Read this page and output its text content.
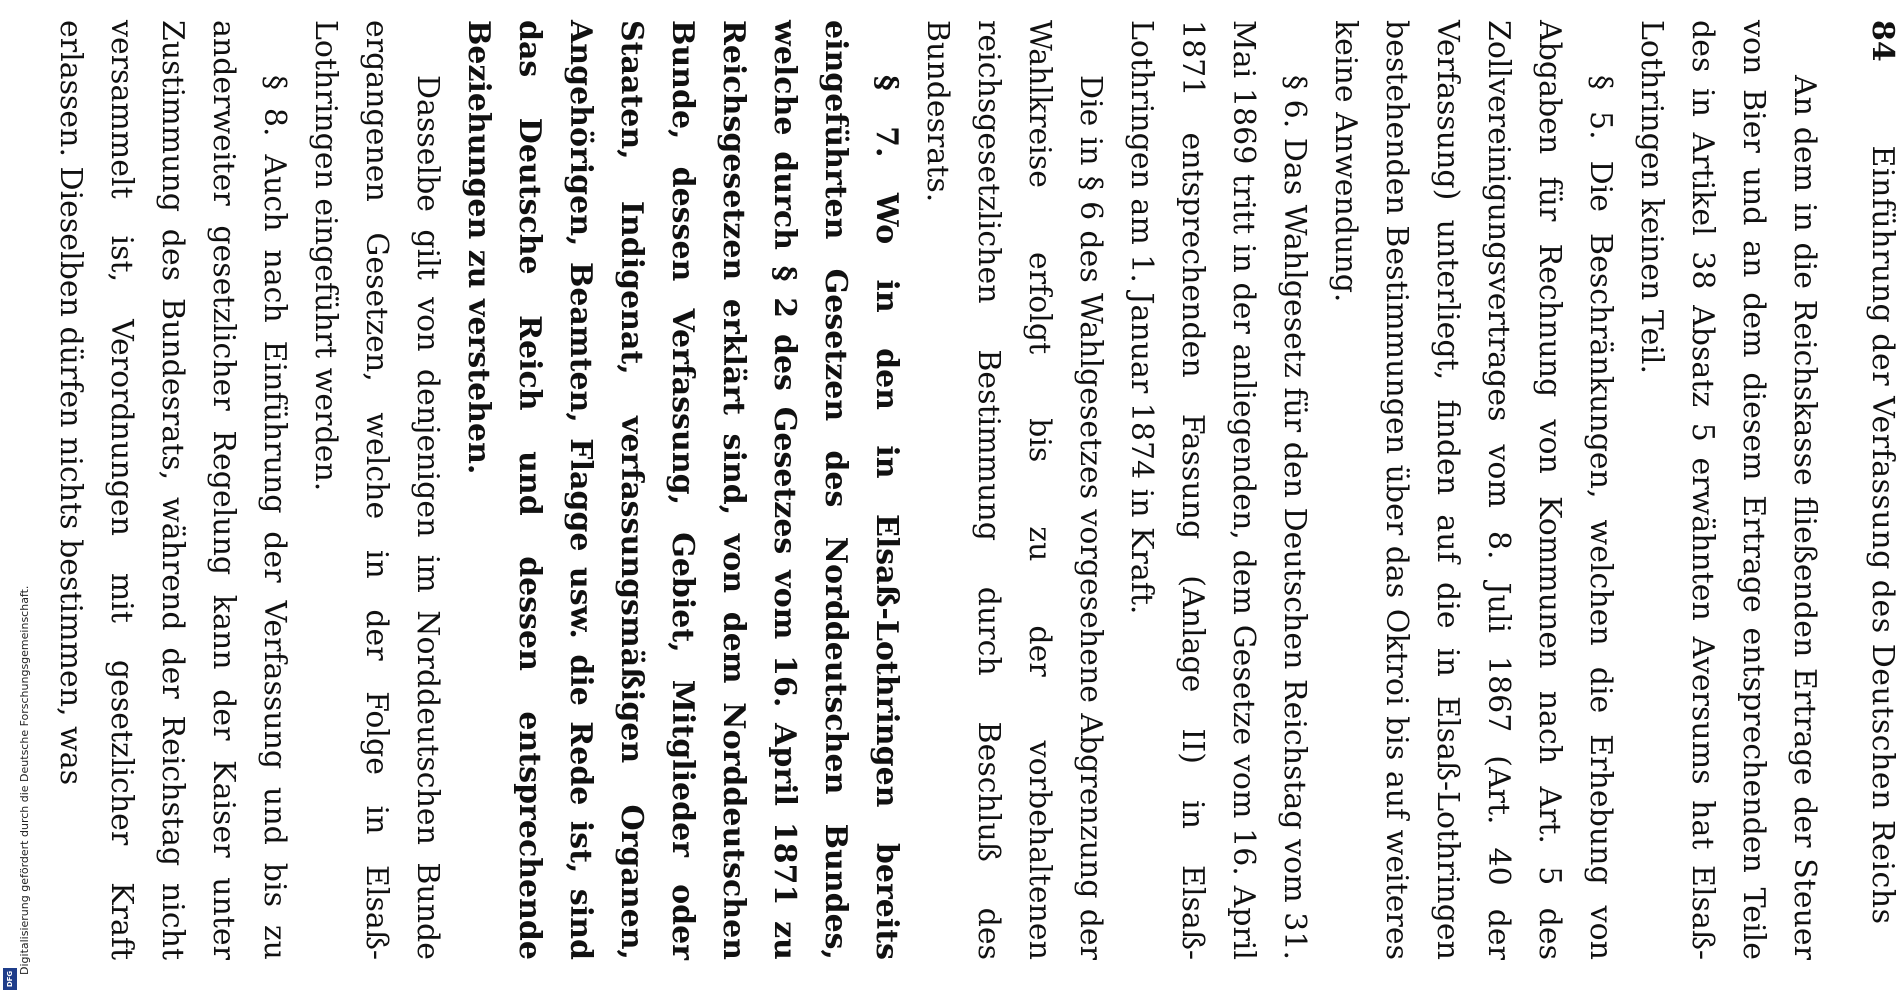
Digitalisierung gefördert durch die Deutsche Forschungsgemeinschaft.
DFG
84
Einführung der Verfassung des Deutschen Reichs

An dem in die Reichskasse fließenden Ertrage der Steuer von Bier und an dem diesem Ertrage entsprechenden Teile des in Artikel 38 Absatz 5 erwähnten Aversums hat Elsaß-Lothringen keinen Teil.

§ 5. Die Beschränkungen, welchen die Erhebung von Abgaben für Rechnung von Kommunen nach Art. 5 des Zollvereinigungsvertrages vom 8. Juli 1867 (Art. 40 der Verfassung) unterliegt, finden auf die in Elsaß-Lothringen bestehenden Bestimmungen über das Oktroi bis auf weiteres keine Anwendung.

§ 6. Das Wahlgesetz für den Deutschen Reichstag vom 31. Mai 1869 tritt in der anliegenden, dem Gesetze vom 16. April 1871 entsprechenden Fassung (Anlage II) in Elsaß-Lothringen am 1. Januar 1874 in Kraft.

Die in § 6 des Wahlgesetzes vorgesehene Abgrenzung der Wahlkreise erfolgt bis zu der vorbehaltenen reichsgesetzlichen Bestimmung durch Beschluß des Bundesrats.

§ 7. Wo in den in Elsaß-Lothringen bereits eingeführten Gesetzen des Norddeutschen Bundes, welche durch § 2 des Gesetzes vom 16. April 1871 zu Reichsgesetzen erklärt sind, von dem Norddeutschen Bunde, dessen Verfassung, Gebiet, Mitglieder oder Staaten, Indigenat, verfassungsmäßigen Organen, Angehörigen, Beamten, Flagge usw. die Rede ist, sind das Deutsche Reich und dessen entsprechende Beziehungen zu verstehen.

Dasselbe gilt von denjenigen im Norddeutschen Bunde ergangenen Gesetzen, welche in der Folge in Elsaß-Lothringen eingeführt werden.

§ 8. Auch nach Einführung der Verfassung und bis zu anderweiter gesetzlicher Regelung kann der Kaiser unter Zustimmung des Bundesrats, während der Reichstag nicht versammelt ist, Verordnungen mit gesetzlicher Kraft erlassen. Dieselben dürfen nichts bestimmen, was
